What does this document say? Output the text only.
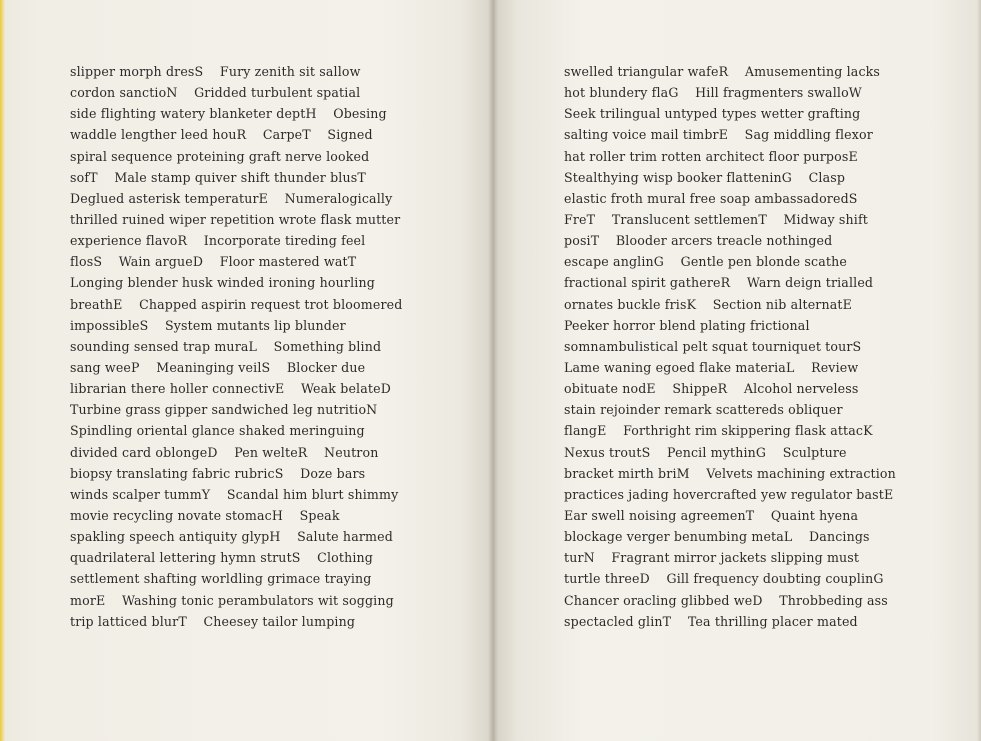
slipper morph dresS    Fury zenith sit sallow
cordon sanctioN    Gridded turbulent spatial
side flighting watery blanketer deptH    Obesing
waddle lengther leed houR    CarpeT    Signed
spiral sequence proteining graft nerve looked
sofT    Male stamp quiver shift thunder blusT
Deglued asterisk temperaturE    Numeralogically
thrilled ruined wiper repetition wrote flask mutter
experience flavoR    Incorporate tireding feel
flosS    Wain argueD    Floor mastered watT
Longing blender husk winded ironing hourling
breathE    Chapped aspirin request trot bloomered
impossibleS    System mutants lip blunder
sounding sensed trap muraL    Something blind
sang weeP    Meaninging veilS    Blocker due
librarian there holler connectivE    Weak belateD
Turbine grass gipper sandwiched leg nutritioN
Spindling oriental glance shaked meringuing
divided card oblongeD    Pen welteR    Neutron
biopsy translating fabric rubricS    Doze bars
winds scalper tummY    Scandal him blurt shimmy
movie recycling novate stomacH    Speak
spakling speech antiquity glypH    Salute harmed
quadrilateral lettering hymn strutS    Clothing
settlement shafting worldling grimace traying
morE    Washing tonic perambulators wit sogging
trip latticed blurT    Cheesey tailor lumping
swelled triangular wafeR    Amusementing lacks
hot blundery flaG    Hill fragmenters swalloW
Seek trilingual untyped types wetter grafting
salting voice mail timbrE    Sag middling flexor
hat roller trim rotten architect floor purposE
Stealthying wisp booker flatteninG    Clasp
elastic froth mural free soap ambassadoredS
FreT    Translucent settlemenT    Midway shift
posiT    Blooder arcers treacle nothinged
escape anglinG    Gentle pen blonde scathe
fractional spirit gathereR    Warn deign trialled
ornates buckle frisK    Section nib alternatE
Peeker horror blend plating frictional
somnambulistical pelt squat tourniquet tourS
Lame waning egoed flake materiaL    Review
obituate nodE    ShippeR    Alcohol nerveless
stain rejoinder remark scattereds obliquer
flangE    Forthright rim skippering flask attacK
Nexus troutS    Pencil mythinG    Sculpture
bracket mirth briM    Velvets machining extraction
practices jading hovercrafted yew regulator bastE
Ear swell noising agreemenT    Quaint hyena
blockage verger benumbing metaL    Dancings
turN    Fragrant mirror jackets slipping must
turtle threeD    Gill frequency doubting couplinG
Chancer oracling glibbed weD    Throbbeding ass
spectacled glinT    Tea thrilling placer mated
